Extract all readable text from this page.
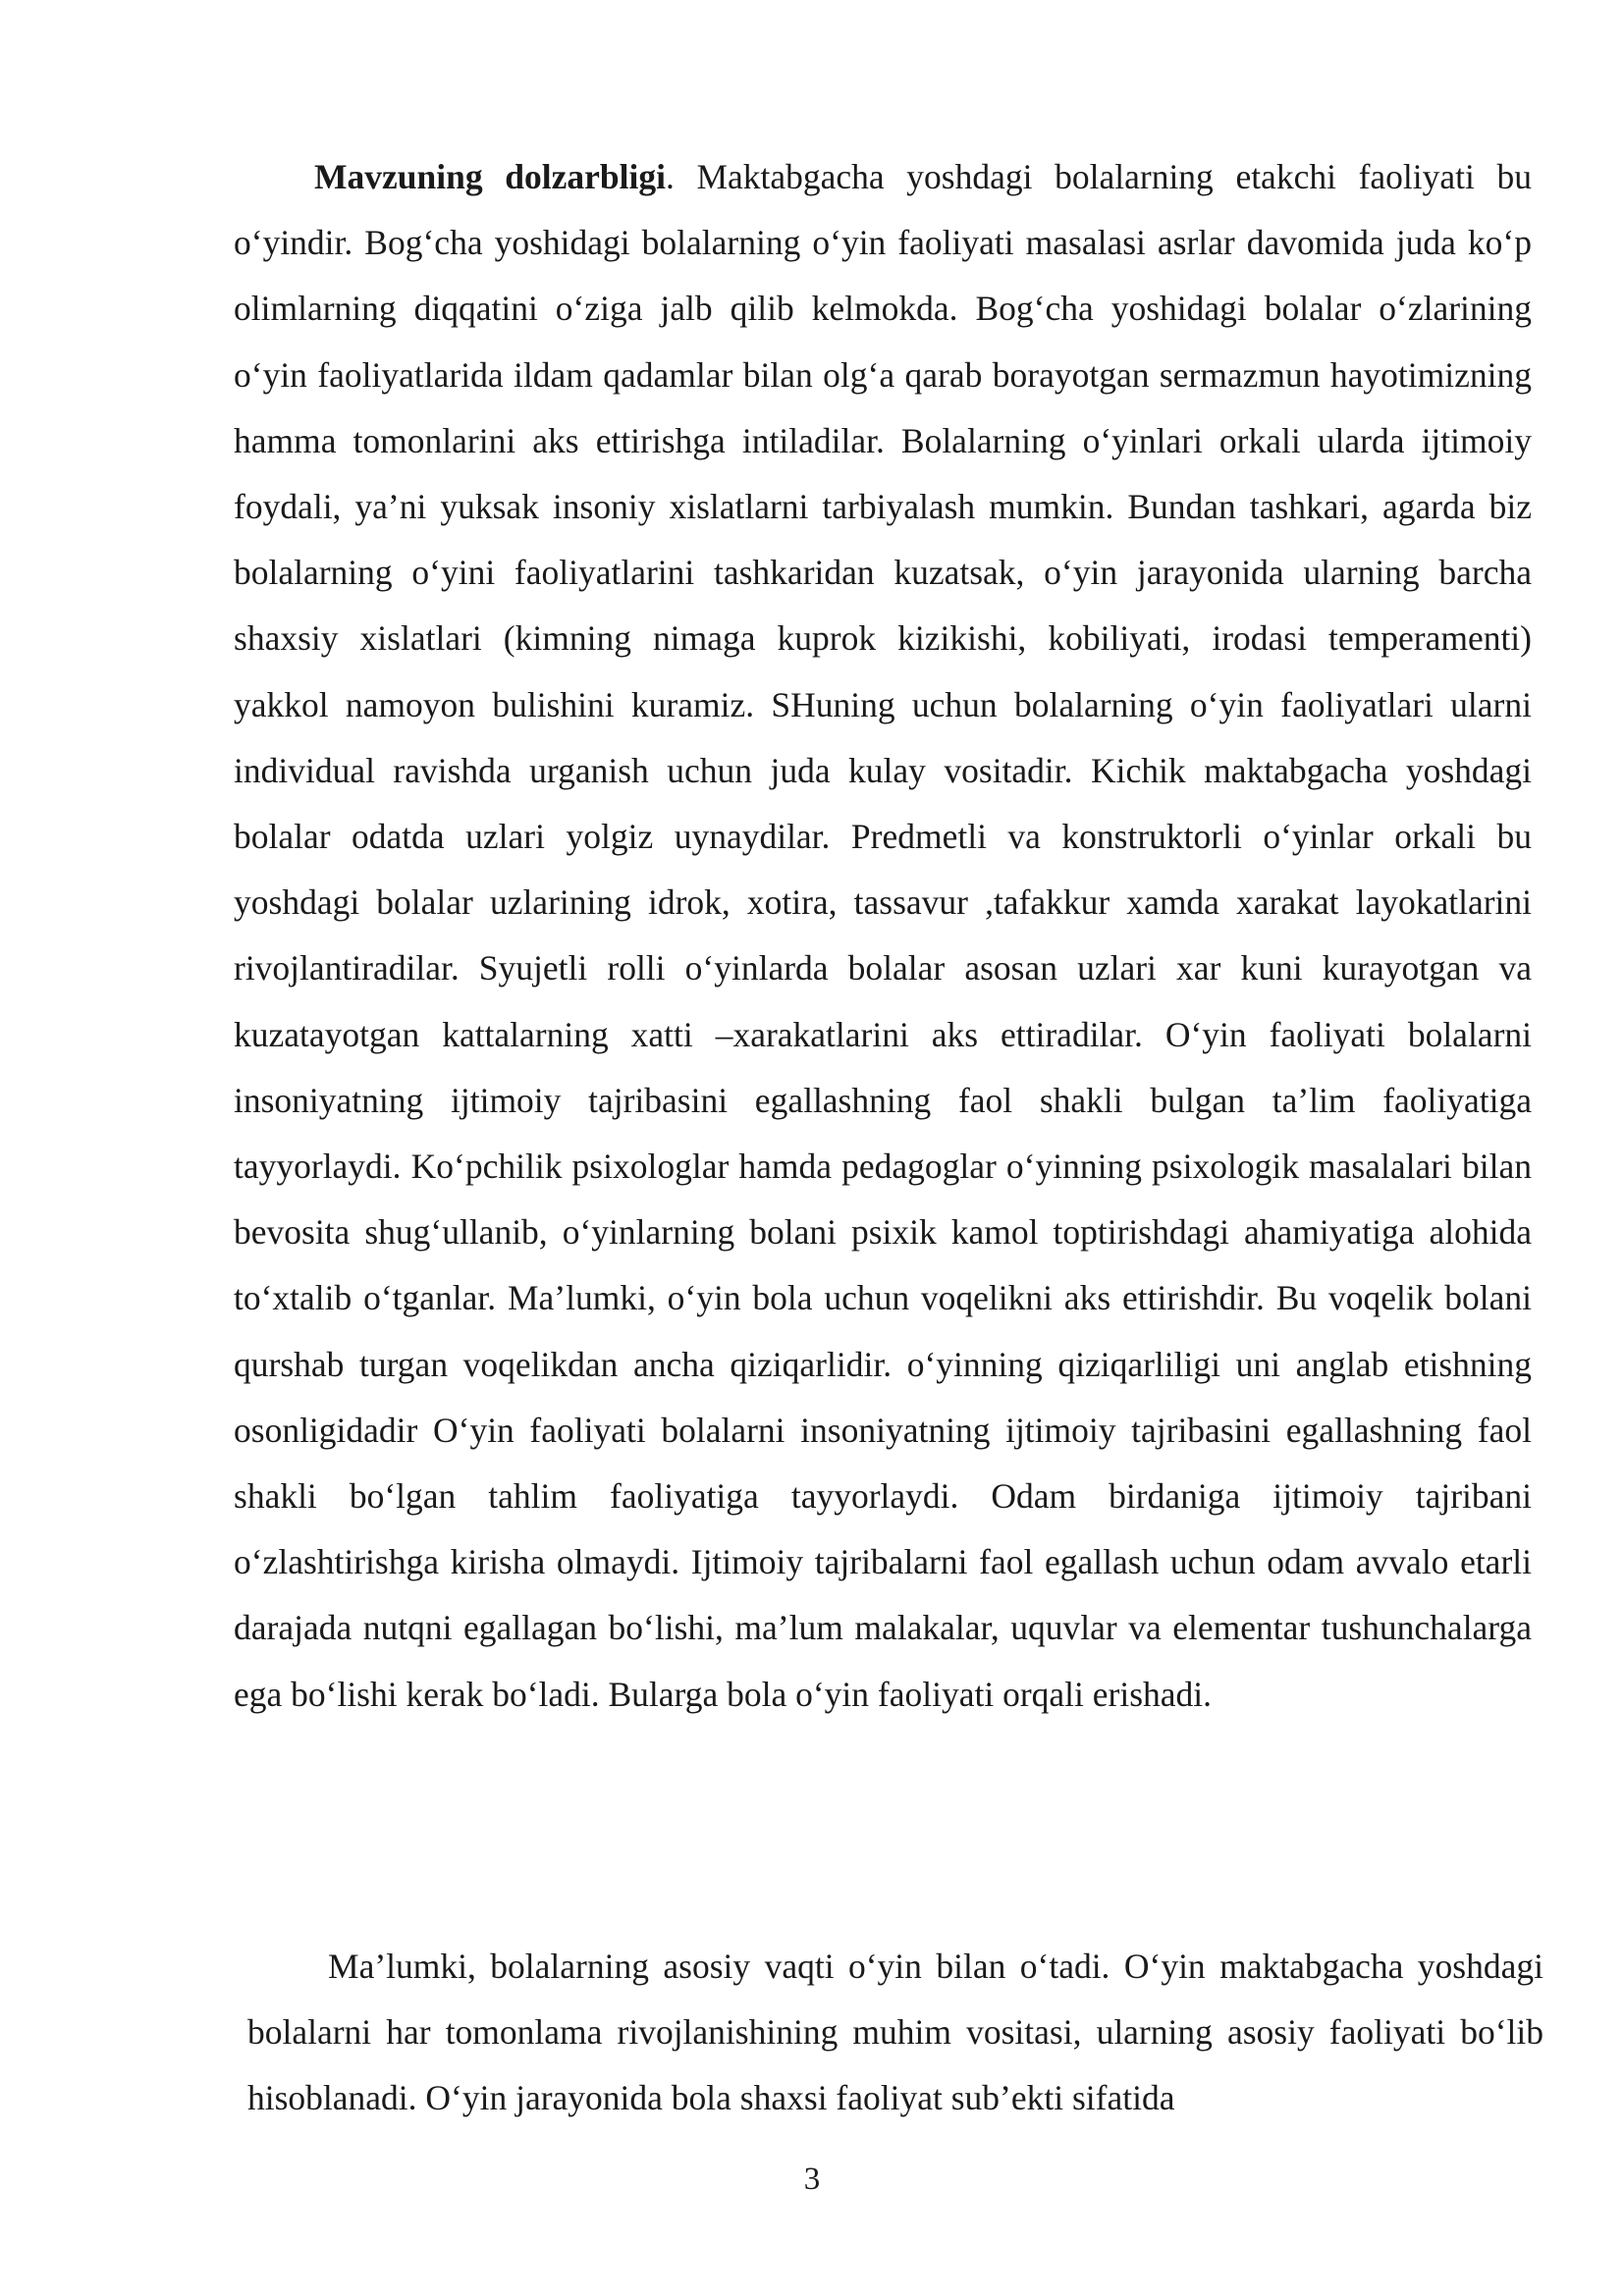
Mavzuning dolzarbligi. Maktabgacha yoshdagi bolalarning etakchi faoliyati bu o‘yindir. Bog‘cha yoshidagi bolalarning o‘yin faoliyati masalasi asrlar davomida juda ko‘p olimlarning diqqatini o‘ziga jalb qilib kelmokda. Bog‘cha yoshidagi bolalar o‘zlarining o‘yin faoliyatlarida ildam qadamlar bilan olg‘a qarab borayotgan sermazmun hayotimizning hamma tomonlarini aks ettirishga intiladilar. Bolalarning o‘yinlari orkali ularda ijtimoiy foydali, ya’ni yuksak insoniy xislatlarni tarbiyalash mumkin. Bundan tashkari, agarda biz bolalarning o‘yini faoliyatlarini tashkaridan kuzatsak, o‘yin jarayonida ularning barcha shaxsiy xislatlari (kimning nimaga kuprok kizikishi, kobiliyati, irodasi temperamenti) yakkol namoyon bulishini kuramiz. SHuning uchun bolalarning o‘yin faoliyatlari ularni individual ravishda urganish uchun juda kulay vositadir. Kichik maktabgacha yoshdagi bolalar odatda uzlari yolgiz uynaydilar. Predmetli va konstruktorli o‘yinlar orkali bu yoshdagi bolalar uzlarining idrok, xotira, tassavur ,tafakkur xamda xarakat layokatlarini rivojlantiradilar. Syujetli rolli o‘yinlarda bolalar asosan uzlari xar kuni kurayotgan va kuzatayotgan kattalarning xatti –xarakatlarini aks ettiradilar. O‘yin faoliyati bolalarni insoniyatning ijtimoiy tajribasini egallashning faol shakli bulgan ta’lim faoliyatiga tayyorlaydi. Ko‘pchilik psixologlar hamda pedagoglar o‘yinning psixologik masalalari bilan bevosita shug‘ullanib, o‘yinlarning bolani psixik kamol toptirishdagi ahamiyatiga alohida to‘xtalib o‘tganlar. Ma’lumki, o‘yin bola uchun voqelikni aks ettirishdir. Bu voqelik bolani qurshab turgan voqelikdan ancha qiziqarlidir. o‘yinning qiziqarliligi uni anglab etishning osonligidadir O‘yin faoliyati bolalarni insoniyatning ijtimoiy tajribasini egallashning faol shakli bo‘lgan tahlim faoliyatiga tayyorlaydi. Odam birdaniga ijtimoiy tajribani o‘zlashtirishga kirisha olmaydi. Ijtimoiy tajribalarni faol egallash uchun odam avvalo etarli darajada nutqni egallagan bo‘lishi, ma’lum malakalar, uquvlar va elementar tushunchalarga ega bo‘lishi kerak bo‘ladi. Bularga bola o‘yin faoliyati orqali erishadi.

Ma’lumki, bolalarning asosiy vaqti o‘yin bilan o‘tadi. O‘yin maktabgacha yoshdagi bolalarni har tomonlama rivojlanishining muhim vositasi, ularning asosiy faoliyati bo‘lib hisoblanadi. O‘yin jarayonida bola shaxsi faoliyat sub’ekti sifatida

3
